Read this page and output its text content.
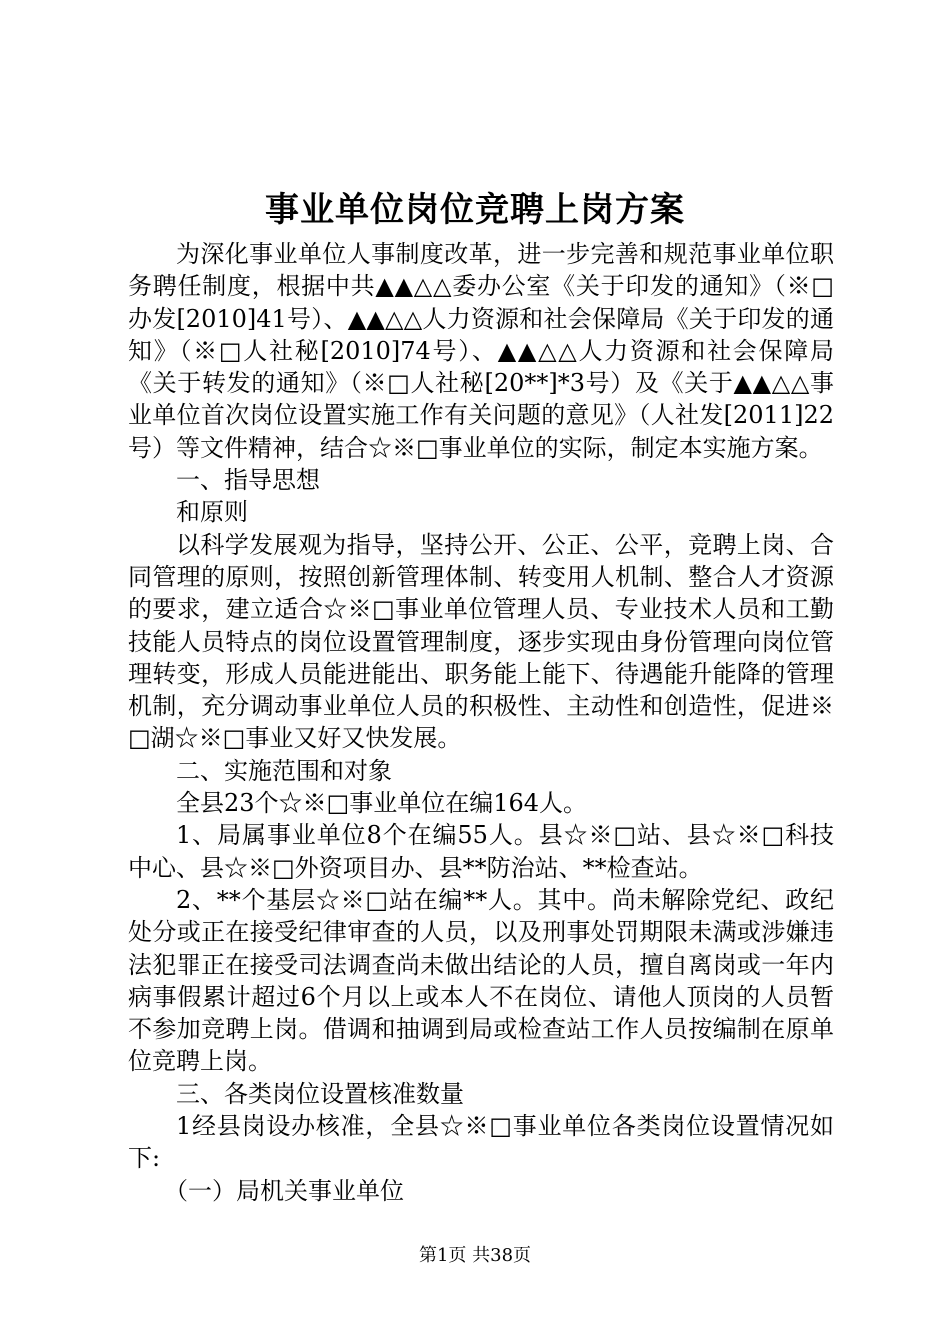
事业单位岗位竞聘上岗方案

为深化事业单位人事制度改革，进一步完善和规范事业单位职务聘任制度，根据中共▲▲△△委办公室《关于印发的通知》（※□办发[2010]41号）、▲▲△△人力资源和社会保障局《关于印发的通知》（※□人社秘[2010]74号）、▲▲△△人力资源和社会保障局《关于转发的通知》（※□人社秘[20**]*3号）及《关于▲▲△△事业单位首次岗位设置实施工作有关问题的意见》（人社发[2011]22号）等文件精神，结合☆※□事业单位的实际，制定本实施方案。

一、指导思想

和原则

以科学发展观为指导，坚持公开、公正、公平，竞聘上岗、合同管理的原则，按照创新管理体制、转变用人机制、整合人才资源的要求，建立适合☆※□事业单位管理人员、专业技术人员和工勤技能人员特点的岗位设置管理制度，逐步实现由身份管理向岗位管理转变，形成人员能进能出、职务能上能下、待遇能升能降的管理机制，充分调动事业单位人员的积极性、主动性和创造性，促进※□湖☆※□事业又好又快发展。

二、实施范围和对象

全县23个☆※□事业单位在编164人。

1、局属事业单位8个在编55人。县☆※□站、县☆※□科技中心、县☆※□外资项目办、县**防治站、**检查站。

2、**个基层☆※□站在编**人。其中。尚未解除党纪、政纪处分或正在接受纪律审查的人员，以及刑事处罚期限未满或涉嫌违法犯罪正在接受司法调查尚未做出结论的人员，擅自离岗或一年内病事假累计超过6个月以上或本人不在岗位、请他人顶岗的人员暂不参加竞聘上岗。借调和抽调到局或检查站工作人员按编制在原单位竞聘上岗。

三、各类岗位设置核准数量

1经县岗设办核准，全县☆※□事业单位各类岗位设置情况如下:

（一）局机关事业单位

第1页 共38页
